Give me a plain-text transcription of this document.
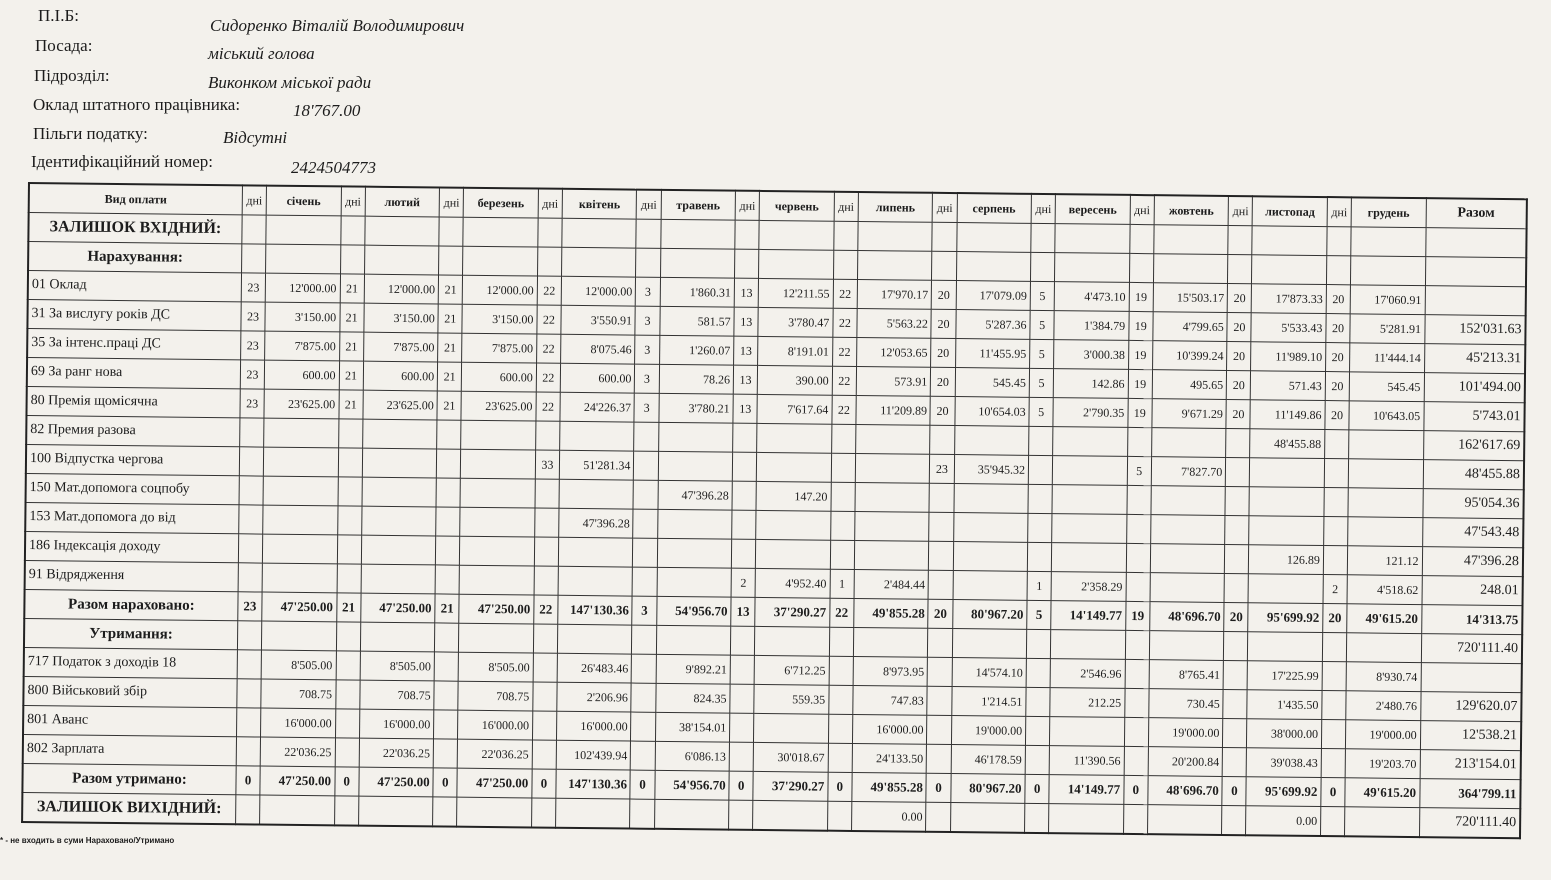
П.І.Б:
Сидоренко Віталій Володимирович
Посада:	міський голова
Підрозділ:	Виконком міської ради
Оклад штатного працівника:	18'767.00
Пільги податку:	Відсутні
Ідентифікаційний номер:	2424504773
Вид оплати	дні	січень	дні	лютий	дні	березень	дні	квітень	дні	травень	дні	червень	дні	липень	дні	серпень	дні	вересень	дні	жовтень	дні	листопад	дні	грудень	Разом
ЗАЛИШОК ВХІДНИЙ:																									
Нарахування:																									
01 Оклад	23	12'000.00	21	12'000.00	21	12'000.00	22	12'000.00	3	1'860.31	13	12'211.55	22	17'970.17	20	17'079.09	5	4'473.10	19	15'503.17	20	17'873.33	20	17'060.91	
31 За вислугу років ДС	23	3'150.00	21	3'150.00	21	3'150.00	22	3'550.91	3	581.57	13	3'780.47	22	5'563.22	20	5'287.36	5	1'384.79	19	4'799.65	20	5'533.43	20	5'281.91	152'031.63
35 За інтенс.праці ДС	23	7'875.00	21	7'875.00	21	7'875.00	22	8'075.46	3	1'260.07	13	8'191.01	22	12'053.65	20	11'455.95	5	3'000.38	19	10'399.24	20	11'989.10	20	11'444.14	45'213.31
69 За ранг нова	23	600.00	21	600.00	21	600.00	22	600.00	3	78.26	13	390.00	22	573.91	20	545.45	5	142.86	19	495.65	20	571.43	20	545.45	101'494.00
80 Премія щомісячна	23	23'625.00	21	23'625.00	21	23'625.00	22	24'226.37	3	3'780.21	13	7'617.64	22	11'209.89	20	10'654.03	5	2'790.35	19	9'671.29	20	11'149.86	20	10'643.05	5'743.01
82 Премия разова																						48'455.88			162'617.69
100 Відпустка чергова							33	51'281.34							23	35'945.32			5	7'827.70					48'455.88
150 Мат.допомога соцпобу										47'396.28		147.20													95'054.36
153 Мат.допомога до від								47'396.28																	47'543.48
186 Індексація доходу																						126.89		121.12	47'396.28
91 Відрядження											2	4'952.40	1	2'484.44			1	2'358.29					2	4'518.62	248.01
Разом нараховано:	23	47'250.00	21	47'250.00	21	47'250.00	22	147'130.36	3	54'956.70	13	37'290.27	22	49'855.28	20	80'967.20	5	14'149.77	19	48'696.70	20	95'699.92	20	49'615.20	14'313.75
Утримання:																									720'111.40
717 Податок з доходів 18		8'505.00		8'505.00		8'505.00		26'483.46		9'892.21		6'712.25		8'973.95		14'574.10		2'546.96		8'765.41		17'225.99		8'930.74	
800 Військовий збір		708.75		708.75		708.75		2'206.96		824.35		559.35		747.83		1'214.51		212.25		730.45		1'435.50		2'480.76	129'620.07
801 Аванс		16'000.00		16'000.00		16'000.00		16'000.00		38'154.01				16'000.00		19'000.00				19'000.00		38'000.00		19'000.00	12'538.21
802 Зарплата		22'036.25		22'036.25		22'036.25		102'439.94		6'086.13		30'018.67		24'133.50		46'178.59		11'390.56		20'200.84		39'038.43		19'203.70	213'154.01
Разом утримано:	0	47'250.00	0	47'250.00	0	47'250.00	0	147'130.36	0	54'956.70	0	37'290.27	0	49'855.28	0	80'967.20	0	14'149.77	0	48'696.70	0	95'699.92	0	49'615.20	364'799.11
ЗАЛИШОК ВИХІДНИЙ:														0.00								0.00			720'111.40
* - не входить в суми Нараховано/Утримано
